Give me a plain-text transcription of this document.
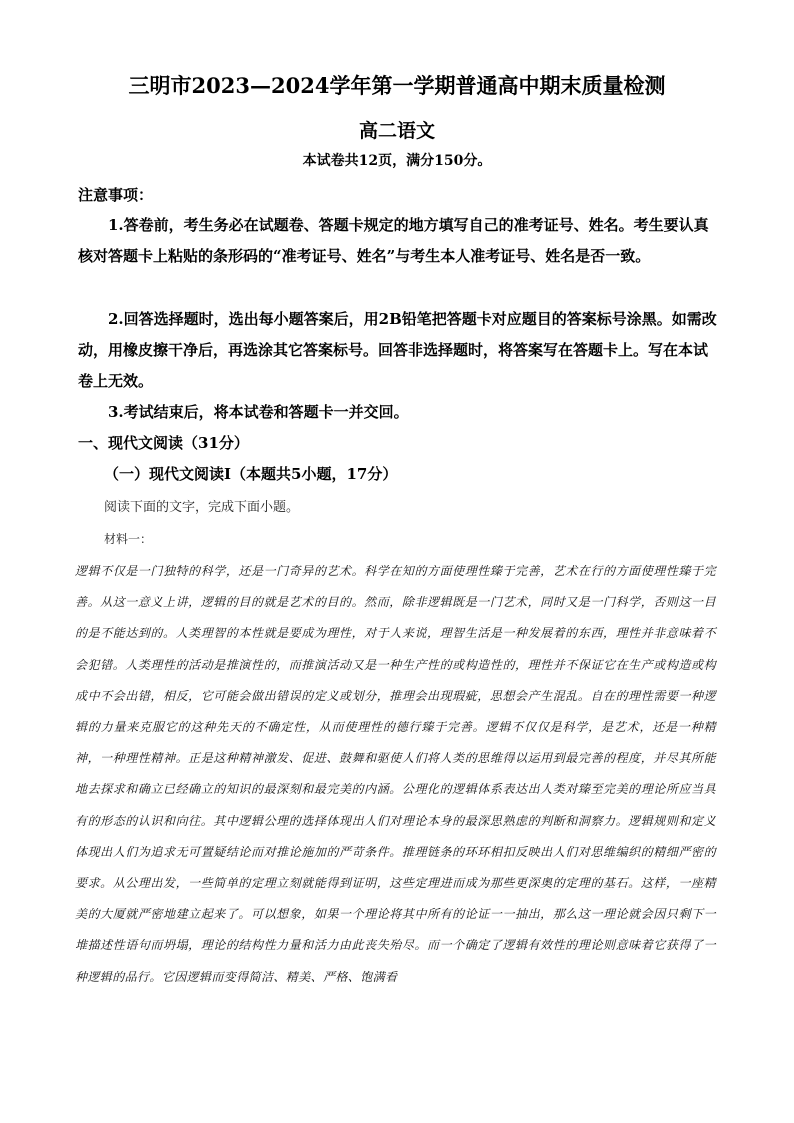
三明市2023—2024学年第一学期普通高中期末质量检测
高二语文
本试卷共12页，满分150分。
注意事项：
1.答卷前，考生务必在试题卷、答题卡规定的地方填写自己的准考证号、姓名。考生要认真核对答题卡上粘贴的条形码的“准考证号、姓名”与考生本人准考证号、姓名是否一致。
2.回答选择题时，选出每小题答案后，用2B铅笔把答题卡对应题目的答案标号涂黑。如需改动，用橡皮擦干净后，再选涂其它答案标号。回答非选择题时，将答案写在答题卡上。写在本试卷上无效。
3.考试结束后，将本试卷和答题卡一并交回。
一、现代文阅读（31分）
（一）现代文阅读Ⅰ（本题共5小题，17分）
阅读下面的文字，完成下面小题。
材料一：
逻辑不仅是一门独特的科学，还是一门奇异的艺术。科学在知的方面使理性臻于完善，艺术在行的方面使理性臻于完善。从这一意义上讲，逻辑的目的就是艺术的目的。然而，除非逻辑既是一门艺术，同时又是一门科学，否则这一目的是不能达到的。人类理智的本性就是要成为理性，对于人来说，理智生活是一种发展着的东西，理性并非意味着不会犯错。人类理性的活动是推演性的，而推演活动又是一种生产性的或构造性的，理性并不保证它在生产或构造或构成中不会出错，相反，它可能会做出错误的定义或划分，推理会出现瑕疵，思想会产生混乱。自在的理性需要一种逻辑的力量来克服它的这种先天的不确定性，从而使理性的德行臻于完善。逻辑不仅仅是科学，是艺术，还是一种精神，一种理性精神。正是这种精神激发、促进、鼓舞和驱使人们将人类的思维得以运用到最完善的程度，并尽其所能地去探求和确立已经确立的知识的最深刻和最完美的内涵。公理化的逻辑体系表达出人类对臻至完美的理论所应当具有的形态的认识和向往。其中逻辑公理的选择体现出人们对理论本身的最深思熟虑的判断和洞察力。逻辑规则和定义体现出人们为追求无可置疑结论而对推论施加的严苛条件。推理链条的环环相扣反映出人们对思维编织的精细严密的要求。从公理出发，一些简单的定理立刻就能得到证明，这些定理进而成为那些更深奥的定理的基石。这样，一座精美的大厦就严密地建立起来了。可以想象，如果一个理论将其中所有的论证一一抽出，那么这一理论就会因只剩下一堆描述性语句而坍塌，理论的结构性力量和活力由此丧失殆尽。而一个确定了逻辑有效性的理论则意味着它获得了一种逻辑的品行。它因逻辑而变得简洁、精美、严格、饱满看
